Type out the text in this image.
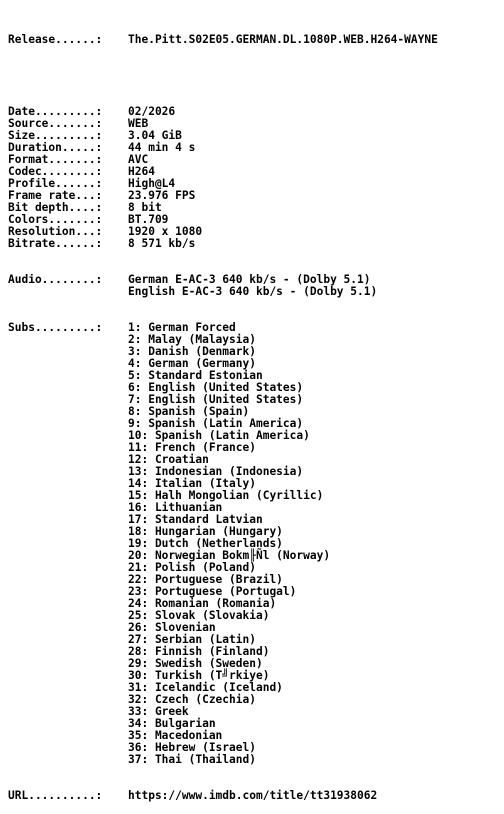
Release......:	The.Pitt.S02E05.GERMAN.DL.1080P.WEB.H264-WAYNE

Date.........:	02/2026
Source.......:	WEB
Size.........:	3.04 GiB
Duration.....:	44 min 4 s
Format.......:	AVC
Codec........:	H264
Profile......:	High@L4
Frame rate...:	23.976 FPS
Bit depth....:	8 bit
Colors.......:	BT.709
Resolution...:	1920 x 1080
Bitrate......:	8 571 kb/s

Audio........:	German E-AC-3 640 kb/s - (Dolby 5.1)
English E-AC-3 640 kb/s - (Dolby 5.1)

Subs.........:	1: German Forced
2: Malay (Malaysia)
3: Danish (Denmark)
4: German (Germany)
5: Standard Estonian
6: English (United States)
7: English (United States)
8: Spanish (Spain)
9: Spanish (Latin America)
10: Spanish (Latin America)
11: French (France)
12: Croatian
13: Indonesian (Indonesia)
14: Italian (Italy)
15: Halh Mongolian (Cyrillic)
16: Lithuanian
17: Standard Latvian
18: Hungarian (Hungary)
19: Dutch (Netherlands)
20: Norwegian Bokm╟Ñl (Norway)
21: Polish (Poland)
22: Portuguese (Brazil)
23: Portuguese (Portugal)
24: Romanian (Romania)
25: Slovak (Slovakia)
26: Slovenian
27: Serbian (Latin)
28: Finnish (Finland)
29: Swedish (Sweden)
30: Turkish (T╝rkiye)
31: Icelandic (Iceland)
32: Czech (Czechia)
33: Greek
34: Bulgarian
35: Macedonian
36: Hebrew (Israel)
37: Thai (Thailand)

URL..........:	https://www.imdb.com/title/tt31938062
